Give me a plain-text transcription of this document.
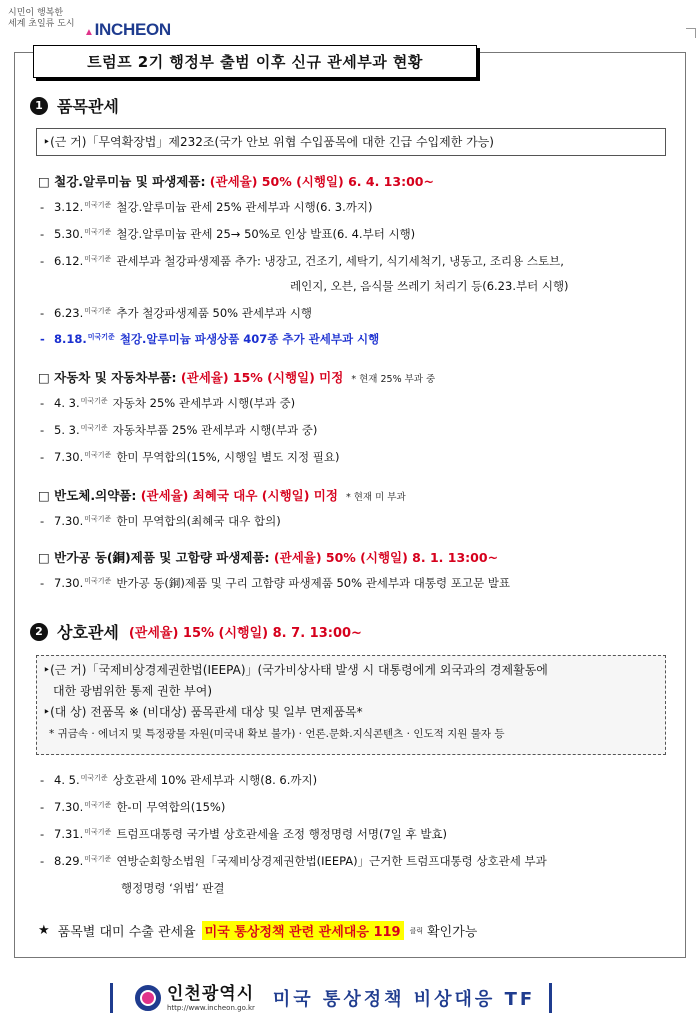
시민이 행복한
세계 초일류 도시
▲INCHEON
트럼프 2기 행정부 출범 이후 신규 관세부과 현황
1 품목관세
‣(근 거)「무역확장법」제232조(국가 안보 위협 수입품목에 대한 긴급 수입제한 가능)
□ 철강.알루미늄 및 파생제품: (관세율) 50% (시행일) 6. 4. 13:00~
- 3.12.$^{미국기준}$ 철강.알루미늄 관세 25% 관세부과 시행(6. 3.까지)
- 5.30.$^{미국기준}$ 철강.알루미늄 관세 25→ 50%로 인상 발표(6. 4.부터 시행)
- 6.12.$^{미국기준}$ 관세부과 철강파생제품 추가: 냉장고, 건조기, 세탁기, 식기세척기, 냉동고, 조리용 스토브,
레인지, 오븐, 음식물 쓰레기 처리기 등(6.23.부터 시행)
- 6.23.$^{미국기준}$ 추가 철강파생제품 50% 관세부과 시행
- 8.18.$^{미국기준}$ 철강.알루미늄 파생상품 407종 추가 관세부과 시행
□ 자동차 및 자동차부품: (관세율) 15% (시행일) 미정 * 현재 25% 부과 중
- 4. 3.$^{미국기준}$ 자동차 25% 관세부과 시행(부과 중)
- 5. 3.$^{미국기준}$ 자동차부품 25% 관세부과 시행(부과 중)
- 7.30.$^{미국기준}$ 한미 무역합의(15%, 시행일 별도 지정 필요)
□ 반도체.의약품: (관세율) 최혜국 대우 (시행일) 미정 * 현재 미 부과
- 7.30.$^{미국기준}$ 한미 무역합의(최혜국 대우 합의)
□ 반가공 동(銅)제품 및 고함량 파생제품: (관세율) 50% (시행일) 8. 1. 13:00~
- 7.30.$^{미국기준}$ 반가공 동(銅)제품 및 구리 고함량 파생제품 50% 관세부과 대통령 포고문 발표
2 상호관세 (관세율) 15% (시행일) 8. 7. 13:00~
‣(근 거)「국제비상경제권한법(IEEPA)」(국가비상사태 발생 시 대통령에게 외국과의 경제활동에
대한 광범위한 통제 권한 부여)
‣(대 상) 전품목 ※ (비대상) 품목관세 대상 및 일부 면제품목*
* 귀금속 · 에너지 및 특정광물 자원(미국내 확보 불가) · 언론.문화.지식콘텐츠 · 인도적 지원 물자 등
- 4. 5.$^{미국기준}$ 상호관세 10% 관세부과 시행(8. 6.까지)
- 7.30.$^{미국기준}$ 한-미 무역합의(15%)
- 7.31.$^{미국기준}$ 트럼프대통령 국가별 상호관세율 조정 행정명령 서명(7일 후 발효)
- 8.29.$^{미국기준}$ 연방순회항소법원「국제비상경제권한법(IEEPA)」근거한 트럼프대통령 상호관세 부과
행정명령 ‘위법’ 판결
★ 품목별 대미 수출 관세율 미국 통상정책 관련 관세대응 119	클릭 확인가능
인천광역시
http://www.incheon.go.kr 미국 통상정책 비상대응 TF
